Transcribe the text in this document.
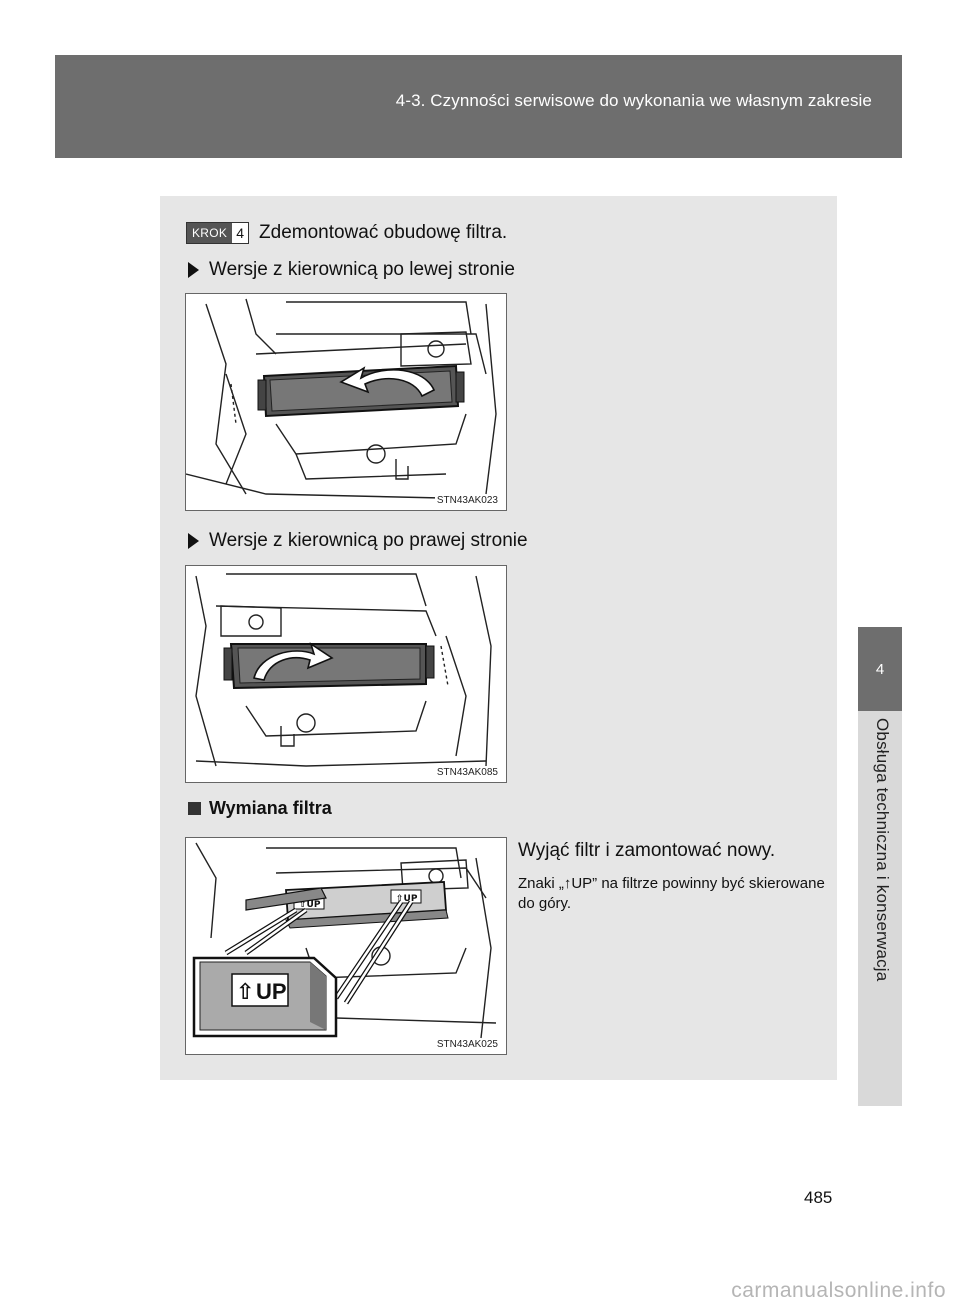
4-3. Czynności serwisowe do wykonania we własnym zakresie
4
Obsługa techniczna i konserwacja
KROK 4 Zdemontować obudowę filtra.
Wersje z kierownicą po lewej stronie
STN43AK023
Wersje z kierownicą po prawej stronie
STN43AK085
Wymiana filtra
⇧UP
⇧UP
⇧ UP
STN43AK025
Wyjąć filtr i zamontować nowy.
Znaki „↑UP” na filtrze powinny być skierowane do góry.
485
carmanualsonline.info
